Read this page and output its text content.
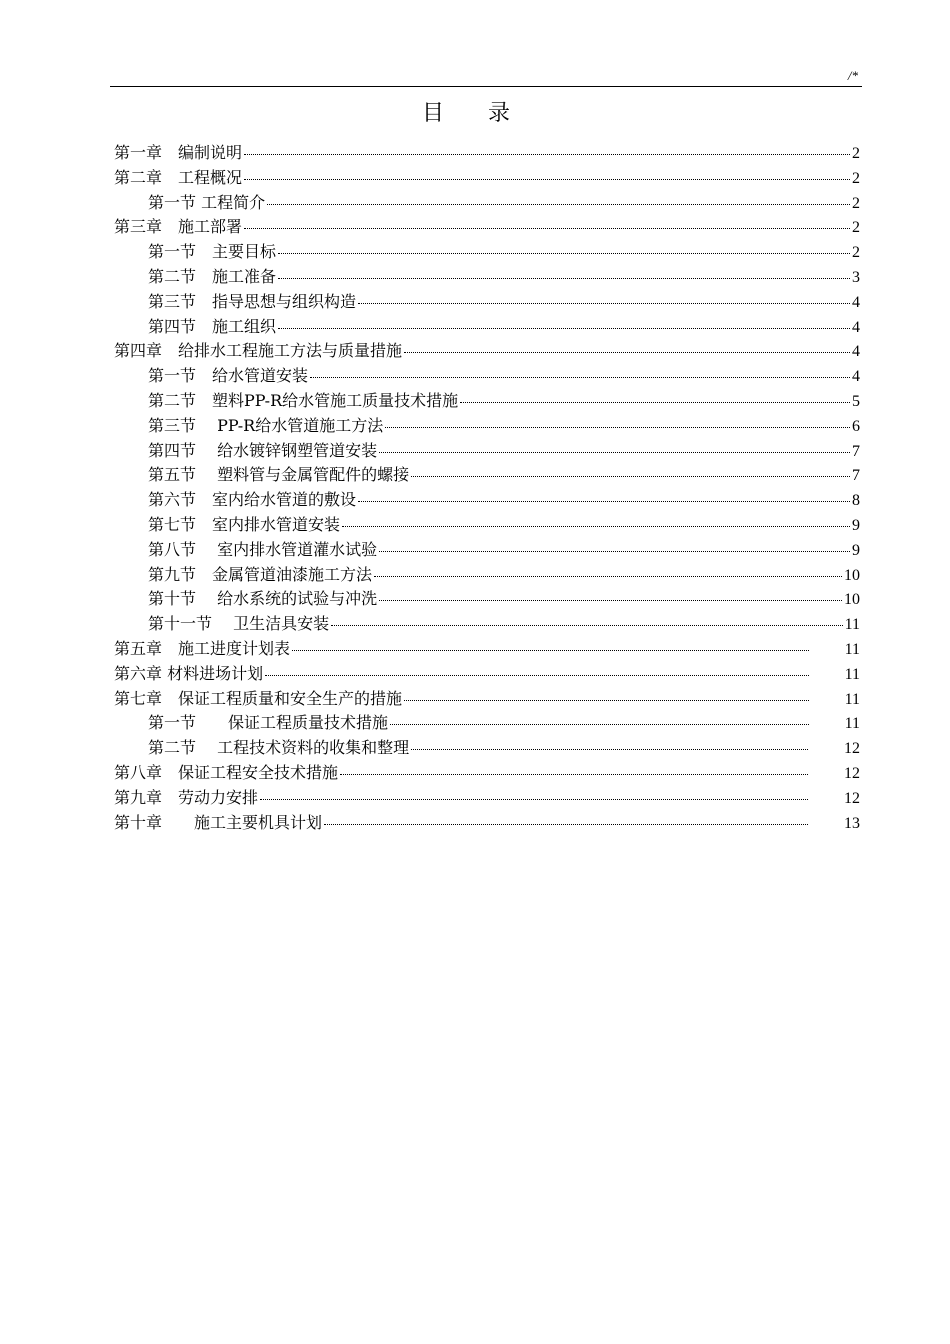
/*
目录
第一章　编制说明	2
第二章　工程概况	2
第一节 工程简介	2
第三章　施工部署	2
第一节　主要目标	2
第二节　施工准备	3
第三节　指导思想与组织构造	4
第四节　施工组织	4
第四章　给排水工程施工方法与质量措施	4
第一节　给水管道安装	4
第二节　塑料PP-R给水管施工质量技术措施	5
第三节　 PP-R给水管道施工方法	6
第四节　 给水镀锌钢塑管道安装	7
第五节　 塑料管与金属管配件的螺接	7
第六节　室内给水管道的敷设	8
第七节　室内排水管道安装	9
第八节　 室内排水管道灌水试验	9
第九节　金属管道油漆施工方法	10
第十节　 给水系统的试验与冲洗	10
第十一节　 卫生洁具安装	11
第五章　施工进度计划表	11
第六章 材料进场计划	11
第七章　保证工程质量和安全生产的措施	11
第一节　　保证工程质量技术措施	11
第二节　 工程技术资料的收集和整理	12
第八章　保证工程安全技术措施	12
第九章　劳动力安排	12
第十章　　施工主要机具计划	13
